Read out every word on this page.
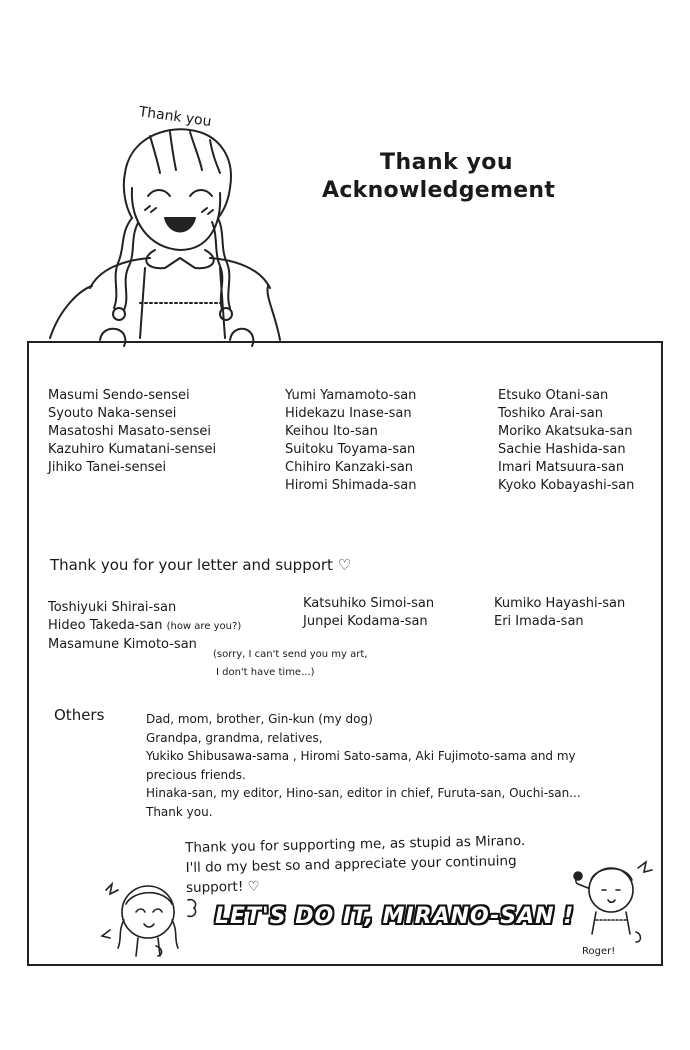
Thank you
Thank you
Acknowledgement
Masumi Sendo-sensei
Syouto Naka-sensei
Masatoshi Masato-sensei
Kazuhiro Kumatani-sensei
Jihiko Tanei-sensei
Yumi Yamamoto-san
Hidekazu Inase-san
Keihou Ito-san
Suitoku Toyama-san
Chihiro Kanzaki-san
Hiromi Shimada-san
Etsuko Otani-san
Toshiko Arai-san
Moriko Akatsuka-san
Sachie Hashida-san
Imari Matsuura-san
Kyoko Kobayashi-san
Thank you for your letter and support ♡
Toshiyuki Shirai-san
Hideo Takeda-san (how are you?)
Masamune Kimoto-san
(sorry, I can't send you my art,
I don't have time...)
Katsuhiko Simoi-san
Junpei Kodama-san
Kumiko Hayashi-san
Eri Imada-san
Others	Dad, mom, brother, Gin-kun (my dog)
Grandpa, grandma, relatives,
Yukiko Shibusawa-sama , Hiromi Sato-sama, Aki Fujimoto-sama and my
precious friends.
Hinaka-san, my editor, Hino-san, editor in chief, Furuta-san, Ouchi-san...
Thank you.
Thank you for supporting me, as stupid as Mirano.
I'll do my best so and appreciate your continuing
support! ♡
LET'S DO IT, MIRANO-SAN !
Roger!
